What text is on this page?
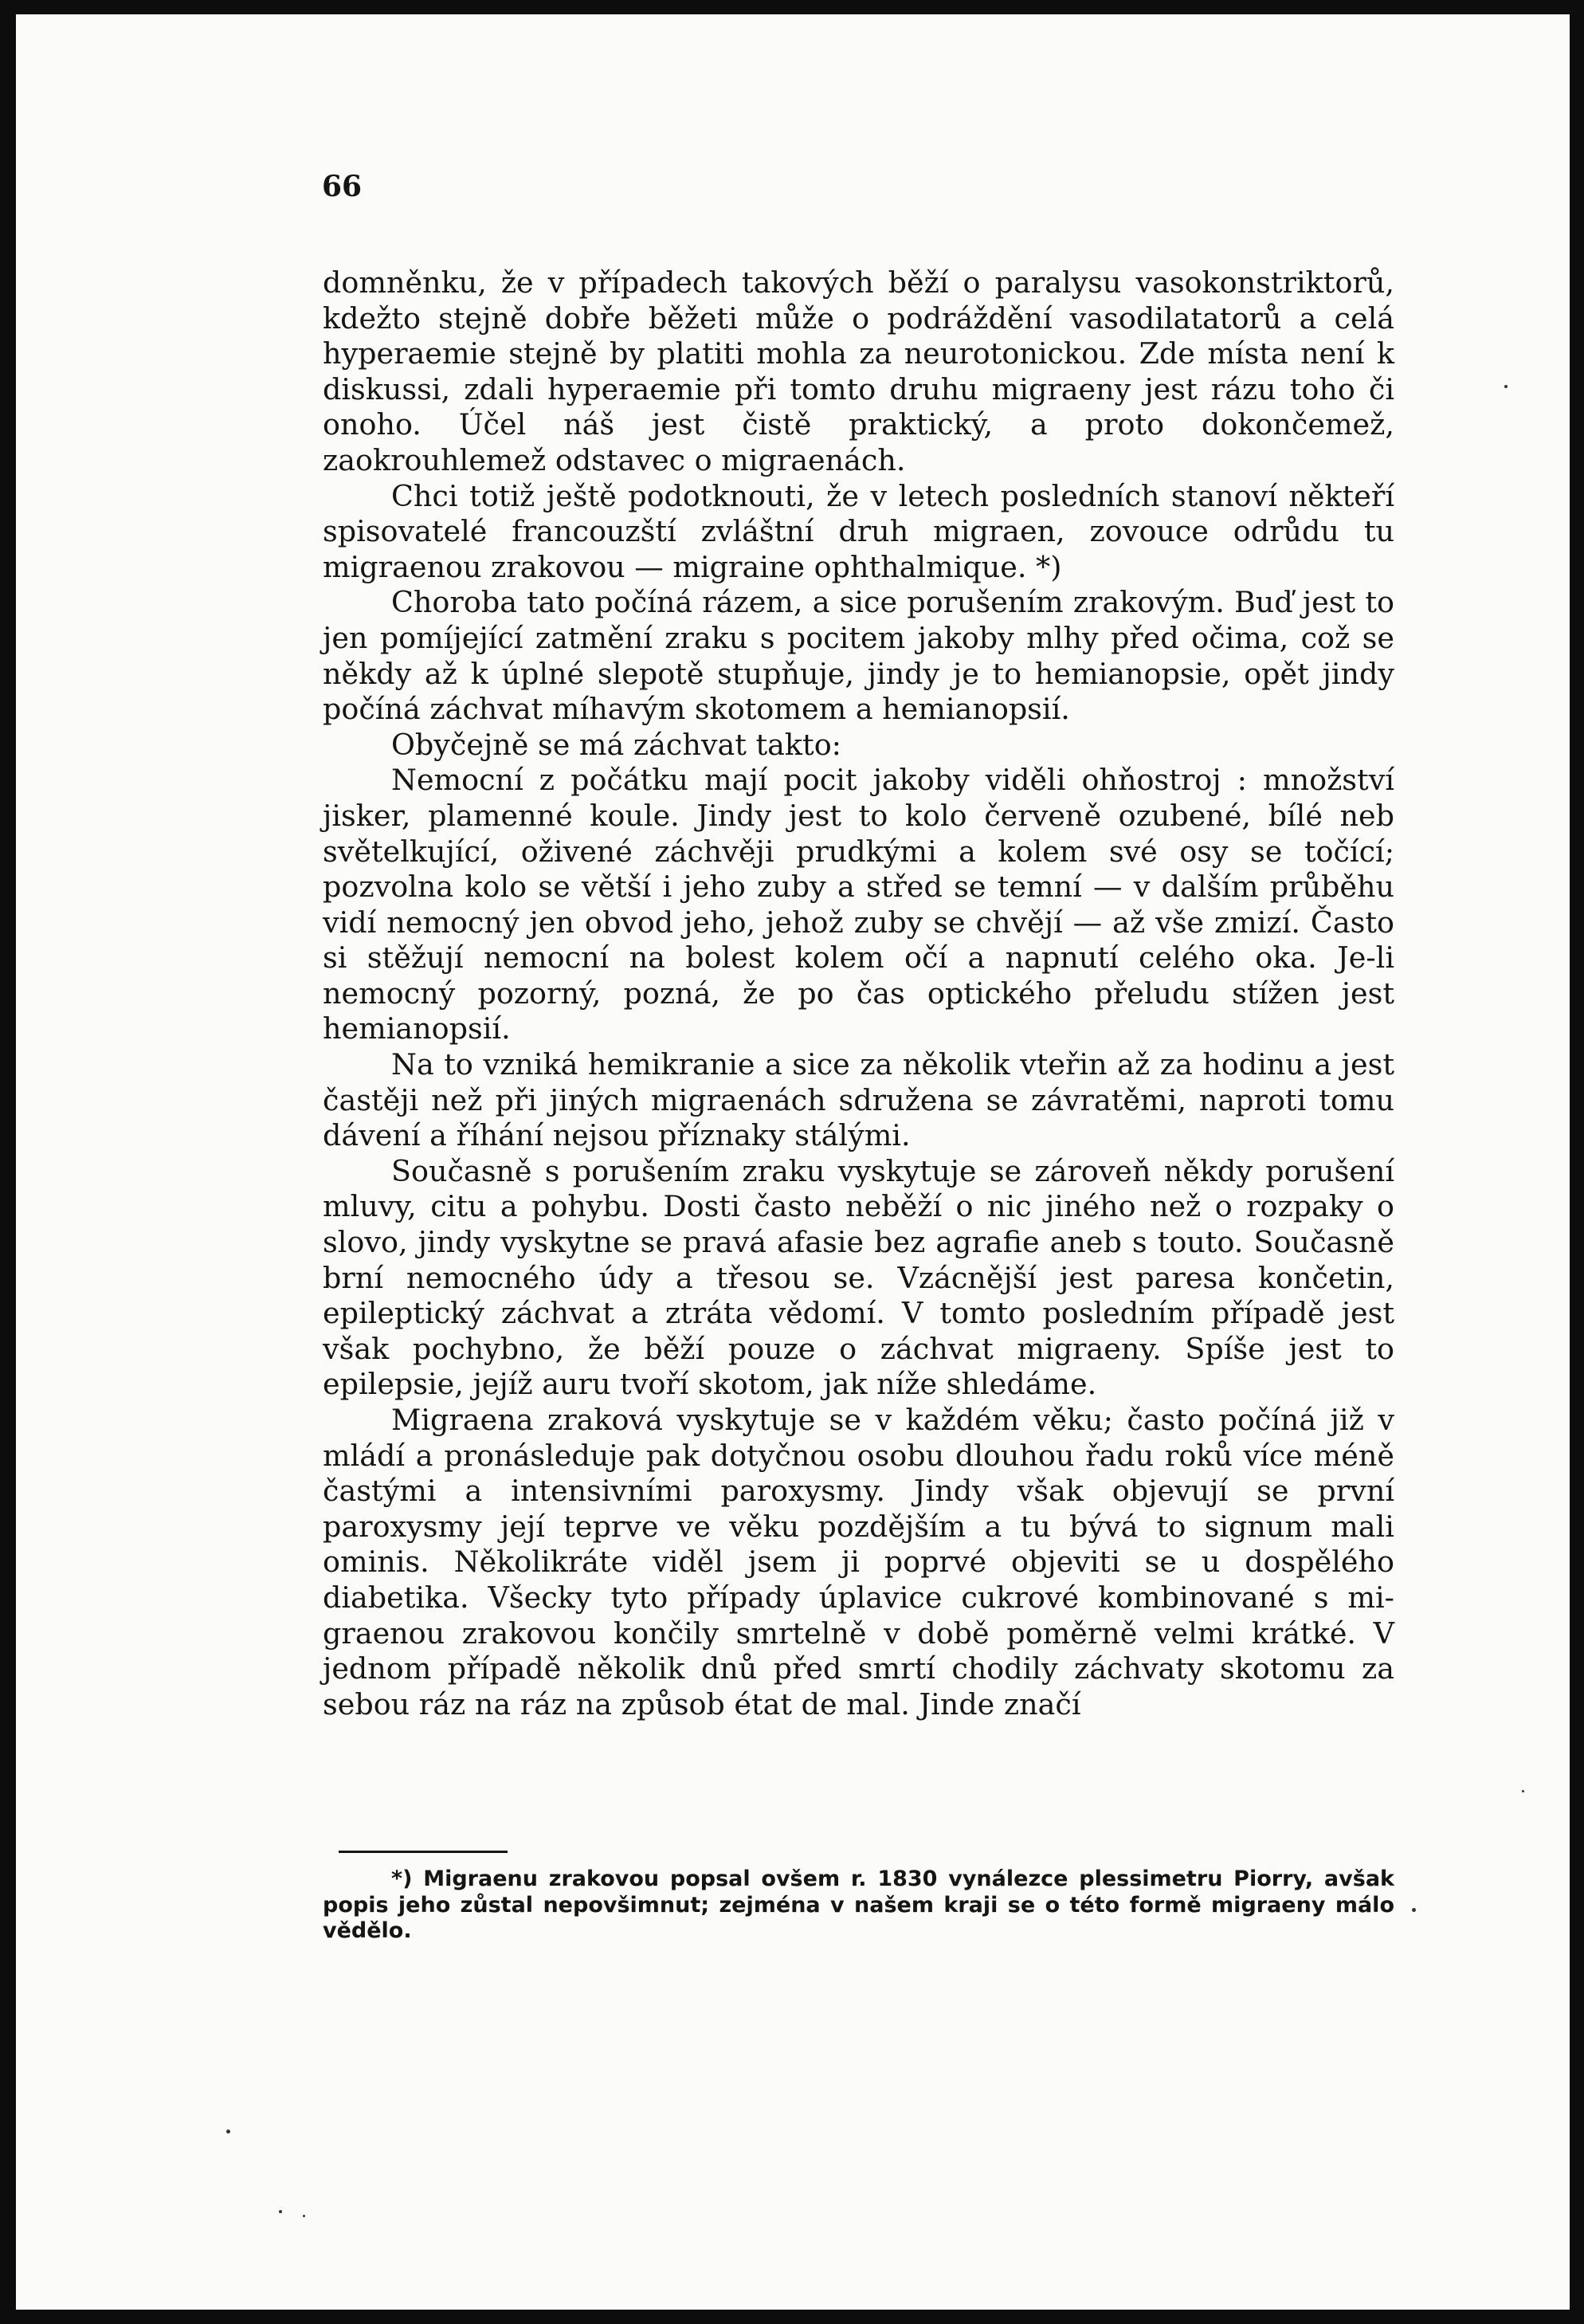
66

domněnku, že v případech takových běží o paralysu vasokonstriktorů, kdežto stejně dobře běžeti může o podráždění vasodilatatorů a celá hyperaemie stejně by platiti mohla za neurotonickou. Zde místa není k diskussi, zdali hyperaemie při tomto druhu migraeny jest rázu toho či onoho. Účel náš jest čistě praktický, a proto dokončemež, zaokrouhlemež odstavec o migraenách.

Chci totiž ještě podotknouti, že v letech posledních stanoví někteří spisovatelé francouzští zvláštní druh migraen, zovouce odrůdu tu migraenou zrakovou — migraine ophthalmique. *)

Choroba tato počíná rázem, a sice porušením zrakovým. Buď jest to jen pomíjející zatmění zraku s pocitem jakoby mlhy před očima, což se někdy až k úplné slepotě stupňuje, jindy je to hemianopsie, opět jindy počíná záchvat míhavým skotomem a hemianopsií.

Obyčejně se má záchvat takto:

Nemocní z počátku mají pocit jakoby viděli ohňostroj : množství jisker, plamenné koule. Jindy jest to kolo červeně ozubené, bílé neb světelkující, oživené záchvěji prudkými a kolem své osy se točící; pozvolna kolo se větší i jeho zuby a střed se temní — v dalším průběhu vidí nemocný jen obvod jeho, jehož zuby se chvějí — až vše zmizí. Často si stěžují nemocní na bolest kolem očí a napnutí celého oka. Je-li nemocný pozorný, pozná, že po čas optického přeludu stížen jest hemianopsií.

Na to vzniká hemikranie a sice za několik vteřin až za hodinu a jest častěji než při jiných migraenách sdružena se závratěmi, naproti tomu dávení a říhání nejsou příznaky stálými.

Současně s porušením zraku vyskytuje se zároveň někdy porušení mluvy, citu a pohybu. Dosti často neběží o nic jiného než o rozpaky o slovo, jindy vyskytne se pravá afasie bez agrafie aneb s touto. Současně brní nemocného údy a třesou se. Vzácnější jest paresa končetin, epileptický záchvat a ztráta vědomí. V tomto posledním případě jest však pochybno, že běží pouze o záchvat migraeny. Spíše jest to epilepsie, jejíž auru tvoří skotom, jak níže shledáme.

Migraena zraková vyskytuje se v každém věku; často počíná již v mládí a pronásleduje pak dotyčnou osobu dlouhou řadu roků více méně častými a intensivními paroxysmy. Jindy však objevují se první paroxysmy její teprve ve věku pozdějším a tu bývá to signum mali ominis. Několikráte viděl jsem ji poprvé objeviti se u dospělého diabetika. Všecky tyto případy úplavice cukrové kombinované s migraenou zrakovou končily smrtelně v době poměrně velmi krátké. V jednom případě několik dnů před smrtí chodily záchvaty skotomu za sebou ráz na ráz na způsob état de mal. Jinde značí

*) Migraenu zrakovou popsal ovšem r. 1830 vynálezce plessimetru Piorry, avšak popis jeho zůstal nepovšimnut; zejména v našem kraji se o této formě migraeny málo vědělo.
